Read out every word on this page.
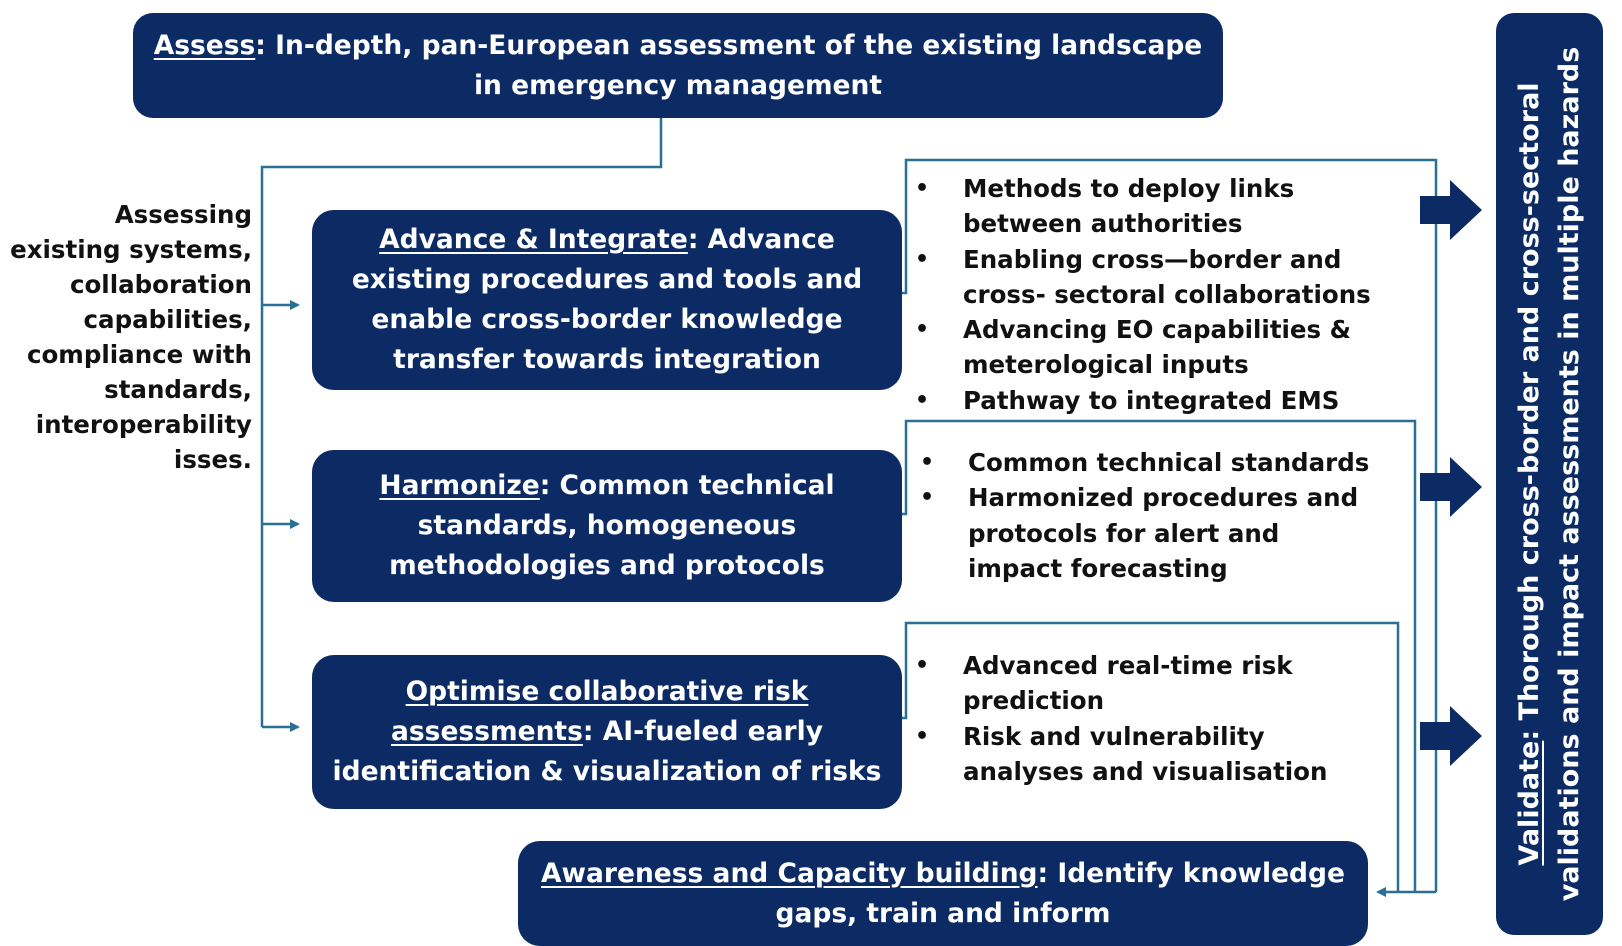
Assess: In-depth, pan-European assessment of the existing landscape in emergency management
Assessing existing systems, collaboration capabilities, compliance with standards, interoperability isses.
Advance & Integrate: Advance existing procedures and tools and enable cross-border knowledge transfer towards integration
Harmonize: Common technical standards, homogeneous methodologies and protocols
Optimise collaborative risk assessments: AI-fueled early identification & visualization of risks
Awareness and Capacity building: Identify knowledge gaps, train and inform
Validate: Thorough cross-border and cross-sectoral validations and impact assessments in multiple hazards
• Methods to deploy links between authorities
• Enabling cross—border and cross- sectoral collaborations
• Advancing EO capabilities & meterological inputs
• Pathway to integrated EMS
• Common technical standards
• Harmonized procedures and protocols for alert and impact forecasting
• Advanced real-time risk prediction
• Risk and vulnerability analyses and visualisation
